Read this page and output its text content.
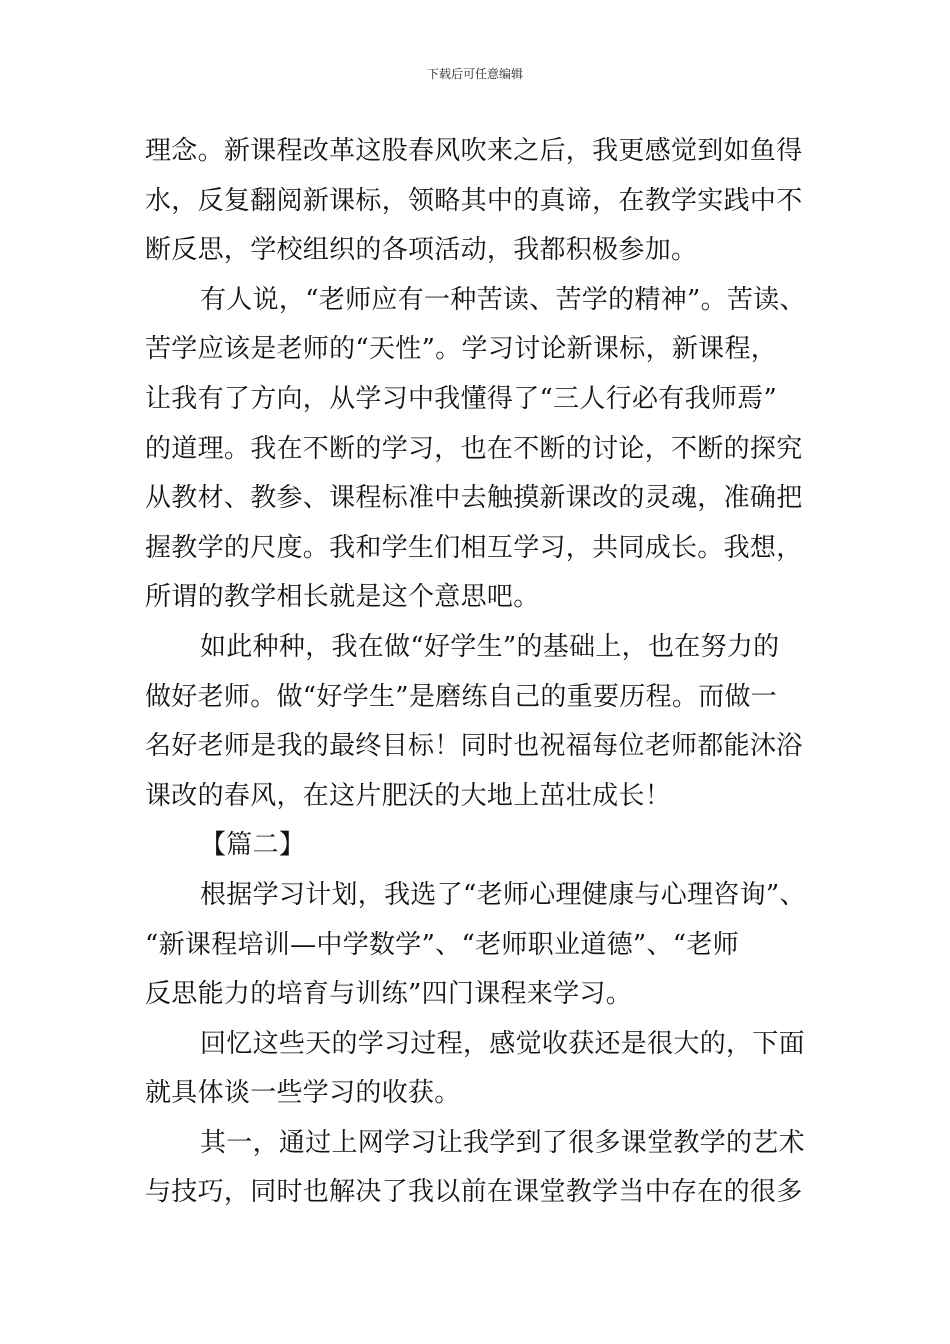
下载后可任意编辑
理念。新课程改革这股春风吹来之后，我更感觉到如鱼得
水，反复翻阅新课标，领略其中的真谛，在教学实践中不
断反思，学校组织的各项活动，我都积极参加。
有人说，“老师应有一种苦读、苦学的精神”。苦读、
苦学应该是老师的“天性”。学习讨论新课标，新课程，
让我有了方向，从学习中我懂得了“三人行必有我师焉”
的道理。我在不断的学习，也在不断的讨论，不断的探究
从教材、教参、课程标准中去触摸新课改的灵魂，准确把
握教学的尺度。我和学生们相互学习，共同成长。我想，
所谓的教学相长就是这个意思吧。
如此种种，我在做“好学生”的基础上，也在努力的
做好老师。做“好学生”是磨练自己的重要历程。而做一
名好老师是我的最终目标！同时也祝福每位老师都能沐浴
课改的春风，在这片肥沃的大地上茁壮成长！
【篇二】
根据学习计划，我选了“老师心理健康与心理咨询”、
“新课程培训—中学数学”、“老师职业道德”、“老师
反思能力的培育与训练”四门课程来学习。
回忆这些天的学习过程，感觉收获还是很大的，下面
就具体谈一些学习的收获。
其一，通过上网学习让我学到了很多课堂教学的艺术
与技巧，同时也解决了我以前在课堂教学当中存在的很多
